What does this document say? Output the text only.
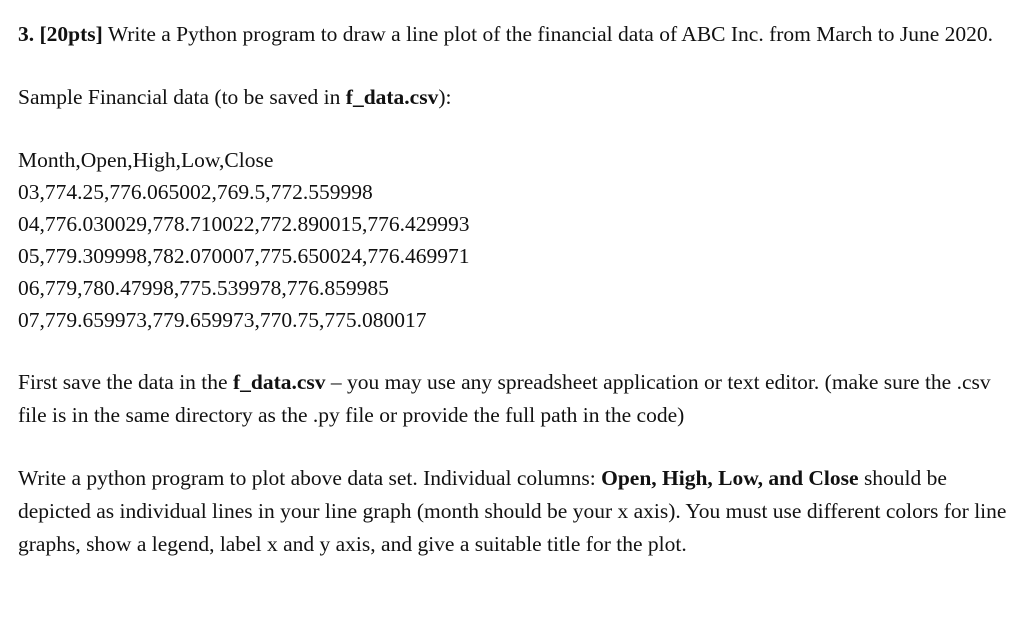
3. [20pts] Write a Python program to draw a line plot of the financial data of ABC Inc. from March to June 2020.

Sample Financial data (to be saved in f_data.csv):

Month,Open,High,Low,Close
03,774.25,776.065002,769.5,772.559998
04,776.030029,778.710022,772.890015,776.429993
05,779.309998,782.070007,775.650024,776.469971
06,779,780.47998,775.539978,776.859985
07,779.659973,779.659973,770.75,775.080017

First save the data in the f_data.csv – you may use any spreadsheet application or text editor. (make sure the .csv file is in the same directory as the .py file or provide the full path in the code)

Write a python program to plot above data set. Individual columns: Open, High, Low, and Close should be depicted as individual lines in your line graph (month should be your x axis). You must use different colors for line graphs, show a legend, label x and y axis, and give a suitable title for the plot.
